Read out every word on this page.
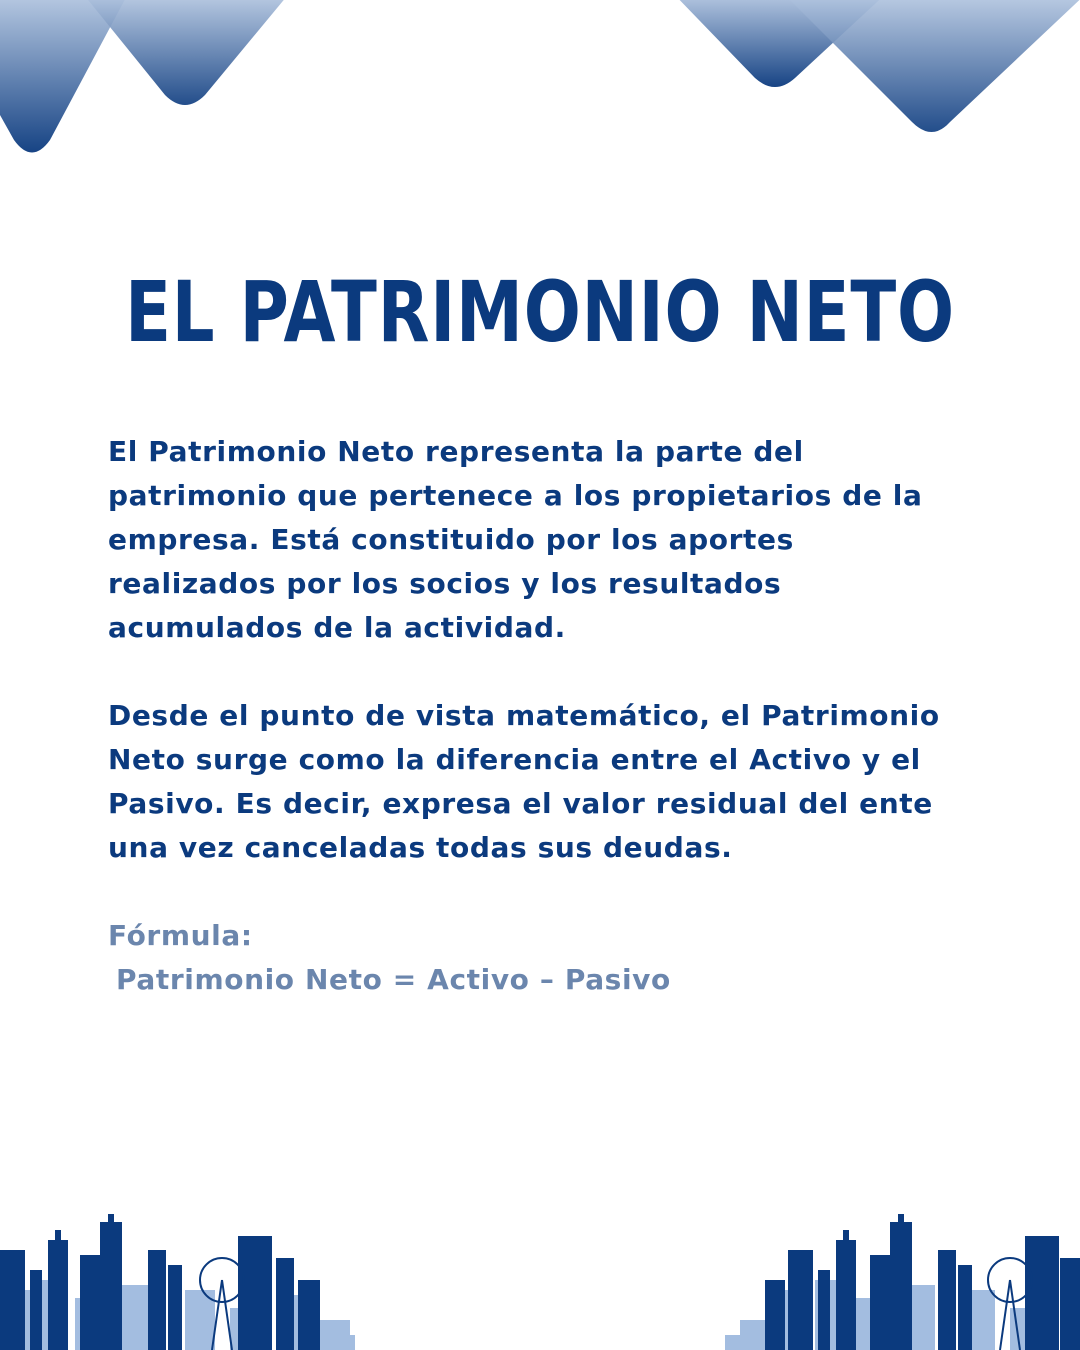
EL PATRIMONIO NETO

El Patrimonio Neto representa la parte del
patrimonio que pertenece a los propietarios de la
empresa. Está constituido por los aportes
realizados por los socios y los resultados
acumulados de la actividad.

Desde el punto de vista matemático, el Patrimonio
Neto surge como la diferencia entre el Activo y el
Pasivo. Es decir, expresa el valor residual del ente
una vez canceladas todas sus deudas.

Fórmula:

Patrimonio Neto = Activo – Pasivo
